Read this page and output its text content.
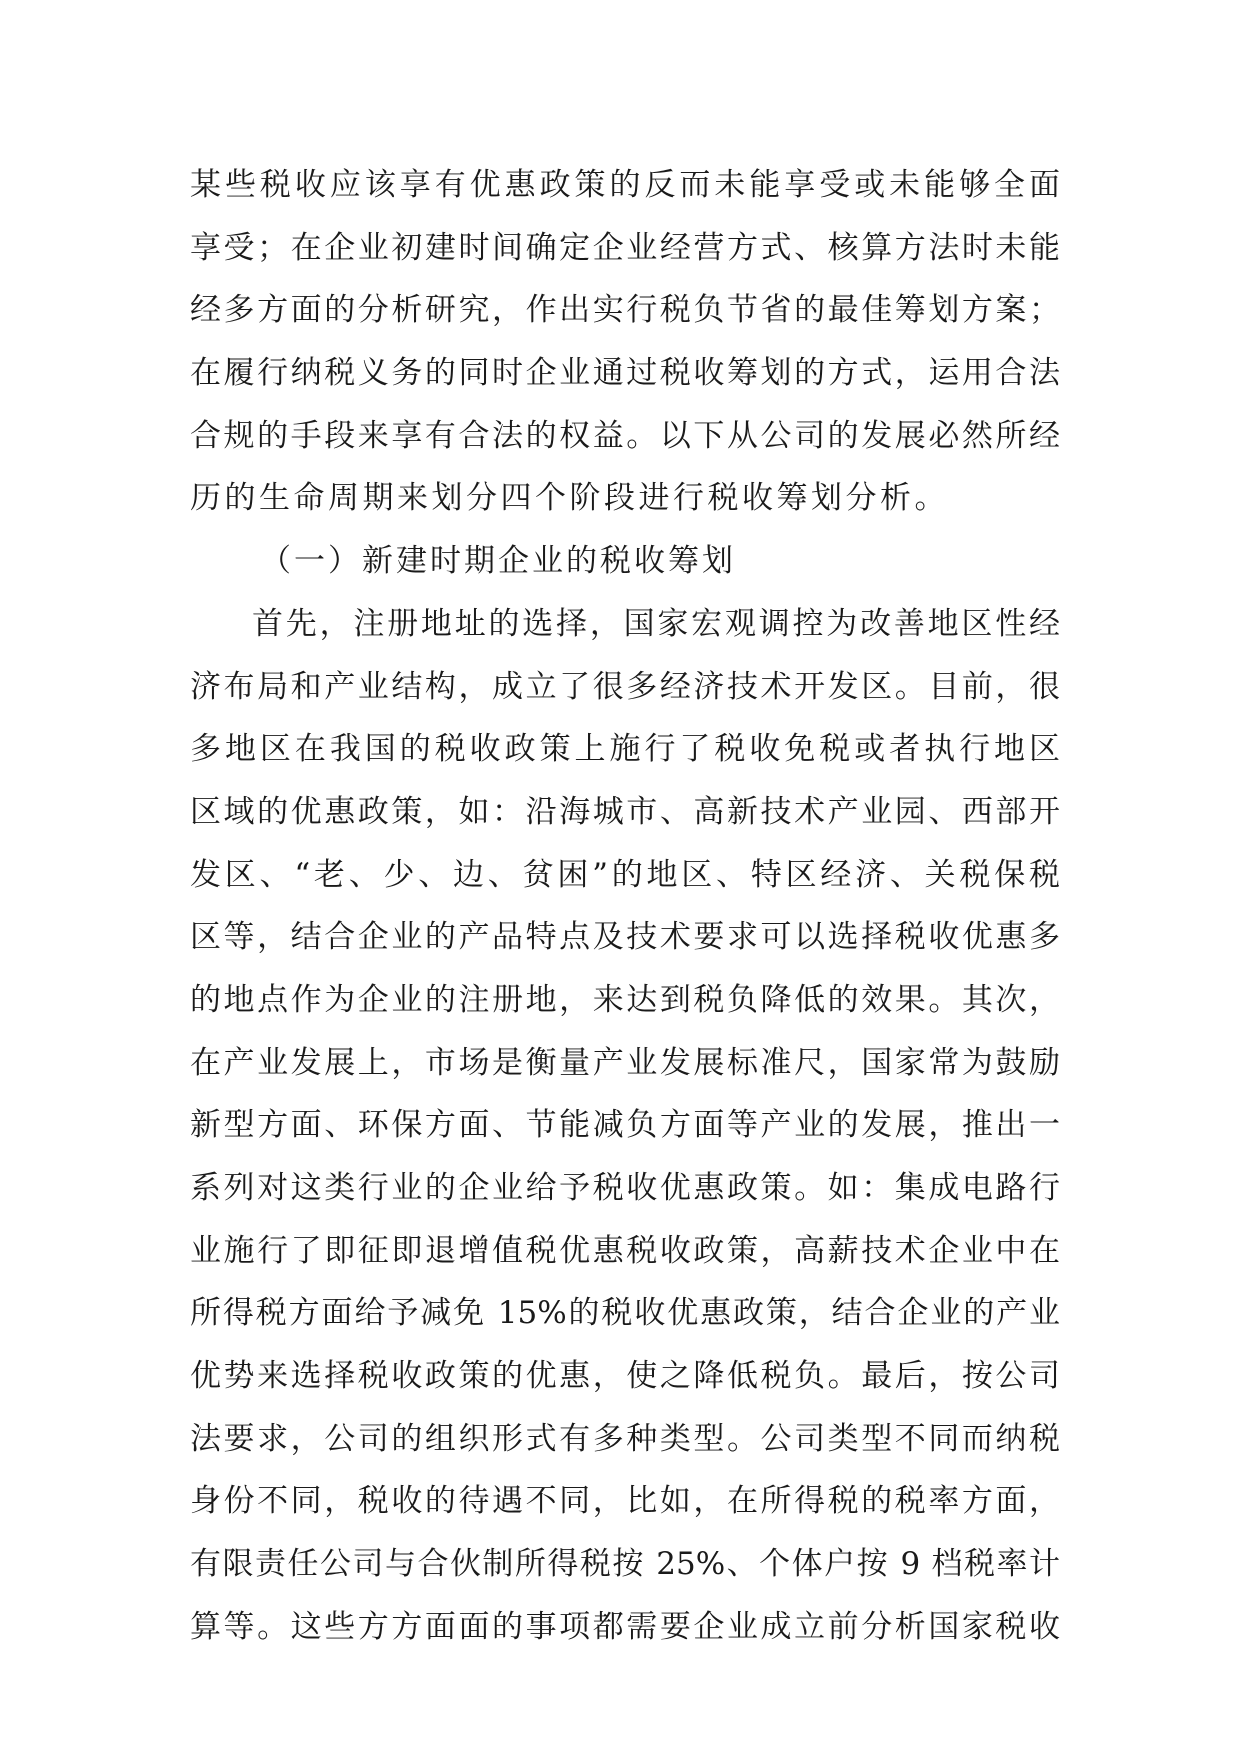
某些税收应该享有优惠政策的反而未能享受或未能够全面
享受；在企业初建时间确定企业经营方式、核算方法时未能
经多方面的分析研究，作出实行税负节省的最佳筹划方案；
在履行纳税义务的同时企业通过税收筹划的方式，运用合法
合规的手段来享有合法的权益。以下从公司的发展必然所经
历的生命周期来划分四个阶段进行税收筹划分析。
（一）新建时期企业的税收筹划
首先，注册地址的选择，国家宏观调控为改善地区性经
济布局和产业结构，成立了很多经济技术开发区。目前，很
多地区在我国的税收政策上施行了税收免税或者执行地区
区域的优惠政策，如：沿海城市、高新技术产业园、西部开
发区、“老、少、边、贫困”的地区、特区经济、关税保税
区等，结合企业的产品特点及技术要求可以选择税收优惠多
的地点作为企业的注册地，来达到税负降低的效果。其次，
在产业发展上，市场是衡量产业发展标准尺，国家常为鼓励
新型方面、环保方面、节能减负方面等产业的发展，推出一
系列对这类行业的企业给予税收优惠政策。如：集成电路行
业施行了即征即退增值税优惠税收政策，高薪技术企业中在
所得税方面给予减免 15%的税收优惠政策，结合企业的产业
优势来选择税收政策的优惠，使之降低税负。最后，按公司
法要求，公司的组织形式有多种类型。公司类型不同而纳税
身份不同，税收的待遇不同，比如，在所得税的税率方面，
有限责任公司与合伙制所得税按 25%、个体户按 9 档税率计
算等。这些方方面面的事项都需要企业成立前分析国家税收
